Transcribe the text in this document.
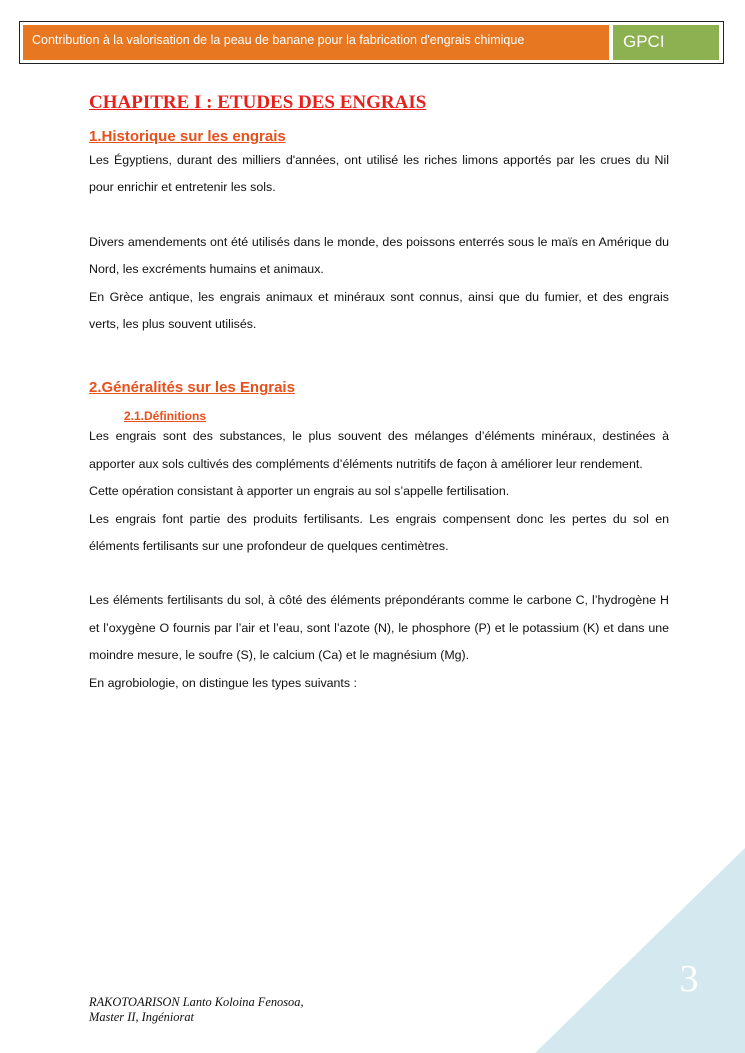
Contribution à la valorisation de la peau de banane pour la fabrication d'engrais chimique	GPCI
CHAPITRE I : ETUDES DES ENGRAIS
1.Historique sur les engrais

Les Égyptiens, durant des milliers d'années, ont utilisé les riches limons apportés par les crues du Nil pour enrichir et entretenir les sols.

Divers amendements ont été utilisés dans le monde, des poissons enterrés sous le maïs en Amérique du Nord, les excréments humains et animaux.

En Grèce antique, les engrais animaux et minéraux sont connus, ainsi que du fumier, et des engrais verts, les plus souvent utilisés.

2.Généralités sur les Engrais
2.1.Définitions

Les engrais sont des substances, le plus souvent des mélanges d’éléments minéraux, destinées à apporter aux sols cultivés des compléments d’éléments nutritifs de façon à améliorer leur rendement.

Cette opération consistant à apporter un engrais au sol s’appelle fertilisation.

Les engrais font partie des produits fertilisants. Les engrais compensent donc les pertes du sol en éléments fertilisants sur une profondeur de quelques centimètres.

Les éléments fertilisants du sol, à côté des éléments prépondérants comme le carbone C, l’hydrogène H et l’oxygène O fournis par l’air et l’eau, sont l’azote (N), le phosphore (P) et le potassium (K) et dans une moindre mesure, le soufre (S), le calcium (Ca) et le magnésium (Mg).

En agrobiologie, on distingue les types suivants :

3
RAKOTOARISON Lanto Koloina Fenosoa,
Master II, Ingéniorat
